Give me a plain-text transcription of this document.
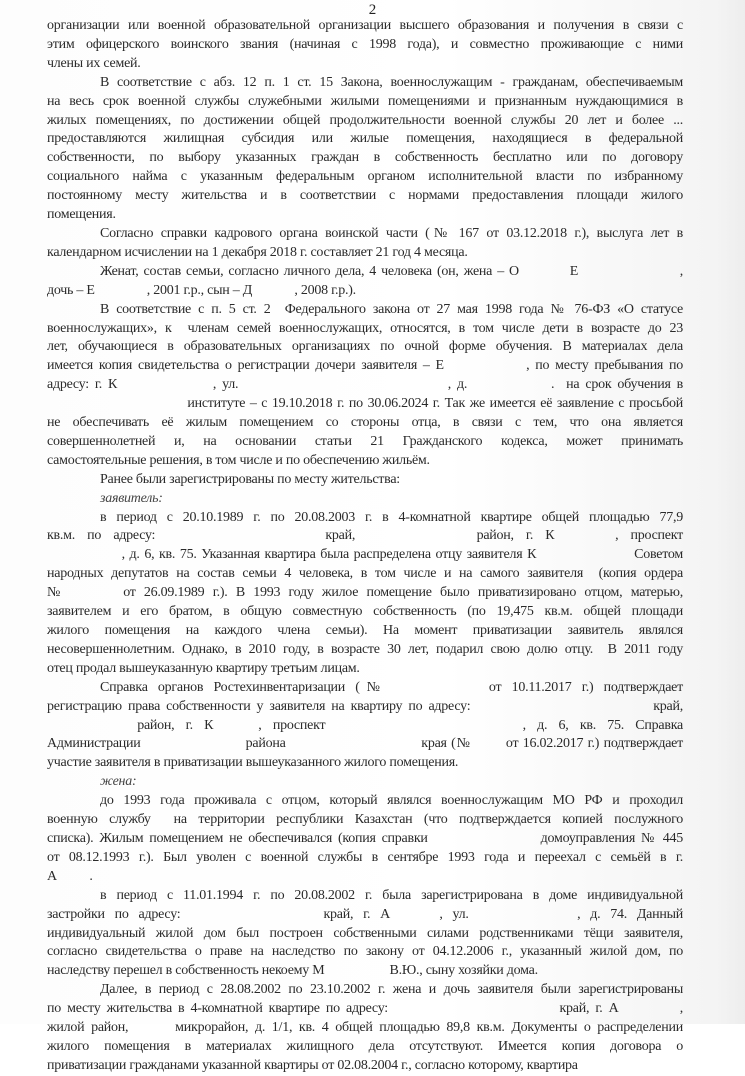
2

организации или военной образовательной организации высшего образования и получения в связи с
этим офицерского воинского звания (начиная с 1998 года), и совместно проживающие с ними
члены их семей.

В соответствие с абз. 12 п. 1 ст. 15 Закона, военнослужащим - гражданам, обеспечиваемым
на весь срок военной службы служебными жилыми помещениями и признанным нуждающимися в
жилых помещениях, по достижении общей продолжительности военной службы 20 лет и более ...
предоставляются жилищная субсидия или жилые помещения, находящиеся в федеральной
собственности, по выбору указанных граждан в собственность бесплатно или по договору
социального найма с указанным федеральным органом исполнительной власти по избранному
постоянному месту жительства и в соответствии с нормами предоставления площади жилого
помещения.

Согласно справки кадрового органа воинской части (№ 167 от 03.12.2018 г.), выслуга лет в
календарном исчислении на 1 декабря 2018 г. составляет 21 год 4 месяца.

Женат, состав семьи, согласно личного дела, 4 человека (он, жена – О          Е                    ,
дочь – Е                , 2001 г.р., сын – Д             , 2008 г.р.).

В соответствие с п. 5 ст. 2  Федерального закона от 27 мая 1998 года № 76-ФЗ «О статусе
военнослужащих», к  членам семей военнослужащих, относятся, в том числе дети в возрасте до 23
лет, обучающиеся в образовательных организациях по очной форме обучения. В материалах дела
имеется копия свидетельства о регистрации дочери заявителя – Е              , по месту пребывания по
адресу: г. К                , ул.                                   , д.              .  на срок обучения в
институте – с 19.10.2018 г. по 30.06.2024 г. Так же имеется её заявление с просьбой
не обеспечивать её жилым помещением со стороны отца, в связи с тем, что она является
совершеннолетней и, на основании статьи 21 Гражданского кодекса, может принимать
самостоятельные решения, в том числе и по обеспечению жильём.

Ранее были зарегистрированы по месту жительства:

заявитель:

в период с 20.10.1989 г. по 20.08.2003 г. в 4-комнатной квартире общей площадью 77,9
кв.м.  по  адресу:                            край,                    район,  г.  К          ,  проспект
, д. 6, кв. 75. Указанная квартира была распределена отцу заявителя К                     Советом
народных депутатов на состав семьи 4 человека, в том числе и на самого заявителя  (копия ордера
№       от 26.09.1989 г.). В 1993 году жилое помещение было приватизировано отцом, матерью,
заявителем и его братом, в общую совместную собственность (по 19,475 кв.м. общей площади
жилого помещения на каждого члена семьи). На момент приватизации заявитель являлся
несовершеннолетним. Однако, в 2010 году, в возрасте 30 лет, подарил свою долю отцу.  В 2011 году
отец продал вышеуказанную квартиру третьим лицам.

Справка органов Ростехинвентаризации (№          от 10.11.2017 г.) подтверждает
регистрацию права собственности у заявителя на квартиру по адресу:                              край,
район,  г.  К        ,  проспект                                   ,  д.  6,  кв.  75.  Справка
Администрации                        района                               края (№        от 16.02.2017 г.) подтверждает
участие заявителя в приватизации вышеуказанного жилого помещения.

жена:

до 1993 года проживала с отцом, который являлся военнослужащим МО РФ и проходил
военную службу  на территории республики Казахстан (что подтверждается копией послужного
списка). Жилым помещением не обеспечивался (копия справки                   домоуправления № 445
от 08.12.1993 г.). Был уволен с военной службы в сентябре 1993 года и переехал с семьёй в г.
А          .

в период с 11.01.1994 г. по 20.08.2002 г. была зарегистрирована в доме индивидуальной
застройки  по  адресу:                             край,  г.  А          ,  ул.                      ,  д.  74.  Данный
индивидуальный жилой дом был построен собственными силами родственниками тёщи заявителя,
согласно свидетельства о праве на наследство по закону от 04.12.2006 г., указанный жилой дом, по
наследству перешел в собственность некоему М                    В.Ю., сыну хозяйки дома.

Далее, в период с 28.08.2002 по 23.10.2002 г. жена и дочь заявителя были зарегистрированы
по месту жительства в 4-комнатной квартире по адресу:                            край, г. А          ,
жилой район,       микрорайон, д. 1/1, кв. 4 общей площадью 89,8 кв.м. Документы о распределении
жилого помещения в материалах жилищного дела отсутствуют. Имеется копия договора о
приватизации гражданами указанной квартиры от 02.08.2004 г., согласно которому, квартира
